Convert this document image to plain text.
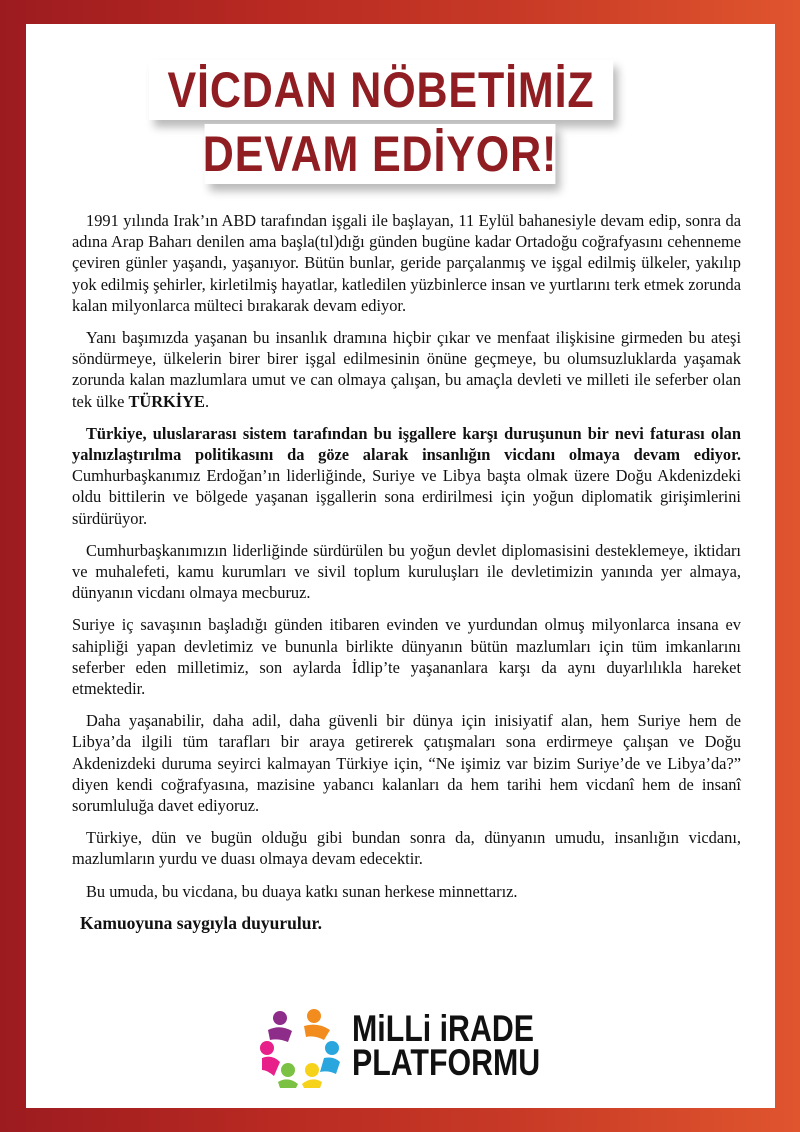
VİCDAN NÖBETİMİZ
DEVAM EDİYOR!

1991 yılında Irak’ın ABD tarafından işgali ile başlayan, 11 Eylül bahanesiyle devam edip, sonra da adına Arap Baharı denilen ama başla(tıl)dığı günden bugüne kadar Ortadoğu coğrafyasını cehenneme çeviren günler yaşandı, yaşanıyor. Bütün bunlar, geride parçalanmış ve işgal edilmiş ülkeler, yakılıp yok edilmiş şehirler, kirletilmiş hayatlar, katledilen yüzbinlerce insan ve yurtlarını terk etmek zorunda kalan milyonlarca mülteci bırakarak devam ediyor.

Yanı başımızda yaşanan bu insanlık dramına hiçbir çıkar ve menfaat ilişkisine girmeden bu ateşi söndürmeye, ülkelerin birer birer işgal edilmesinin önüne geçmeye, bu olumsuzluklarda yaşamak zorunda kalan mazlumlara umut ve can olmaya çalışan, bu amaçla devleti ve milleti ile seferber olan tek ülke TÜRKİYE.

Türkiye, uluslararası sistem tarafından bu işgallere karşı duruşunun bir nevi faturası olan yalnızlaştırılma politikasını da göze alarak insanlığın vicdanı olmaya devam ediyor. Cumhurbaşkanımız Erdoğan’ın liderliğinde, Suriye ve Libya başta olmak üzere Doğu Akdenizdeki oldu bittilerin ve bölgede yaşanan işgallerin sona erdirilmesi için yoğun diplomatik girişimlerini sürdürüyor.

Cumhurbaşkanımızın liderliğinde sürdürülen bu yoğun devlet diplomasisini desteklemeye, iktidarı ve muhalefeti, kamu kurumları ve sivil toplum kuruluşları ile devletimizin yanında yer almaya, dünyanın vicdanı olmaya mecburuz.

Suriye iç savaşının başladığı günden itibaren evinden ve yurdundan olmuş milyonlarca insana ev sahipliği yapan devletimiz ve bununla birlikte dünyanın bütün mazlumları için tüm imkanlarını seferber eden milletimiz, son aylarda İdlip’te yaşananlara karşı da aynı duyarlılıkla hareket etmektedir.

Daha yaşanabilir, daha adil, daha güvenli bir dünya için inisiyatif alan, hem Suriye hem de Libya’da ilgili tüm tarafları bir araya getirerek çatışmaları sona erdirmeye çalışan ve Doğu Akdenizdeki duruma seyirci kalmayan Türkiye için, “Ne işimiz var bizim Suriye’de ve Libya’da?” diyen kendi coğrafyasına, mazisine yabancı kalanları da hem tarihi hem vicdanî hem de insanî sorumluluğa davet ediyoruz.

Türkiye, dün ve bugün olduğu gibi bundan sonra da, dünyanın umudu, insanlığın vicdanı, mazlumların yurdu ve duası olmaya devam edecektir.

Bu umuda, bu vicdana, bu duaya katkı sunan herkese minnettarız.

Kamuoyuna saygıyla duyurulur.

MiLLi iRADE
PLATFORMU
